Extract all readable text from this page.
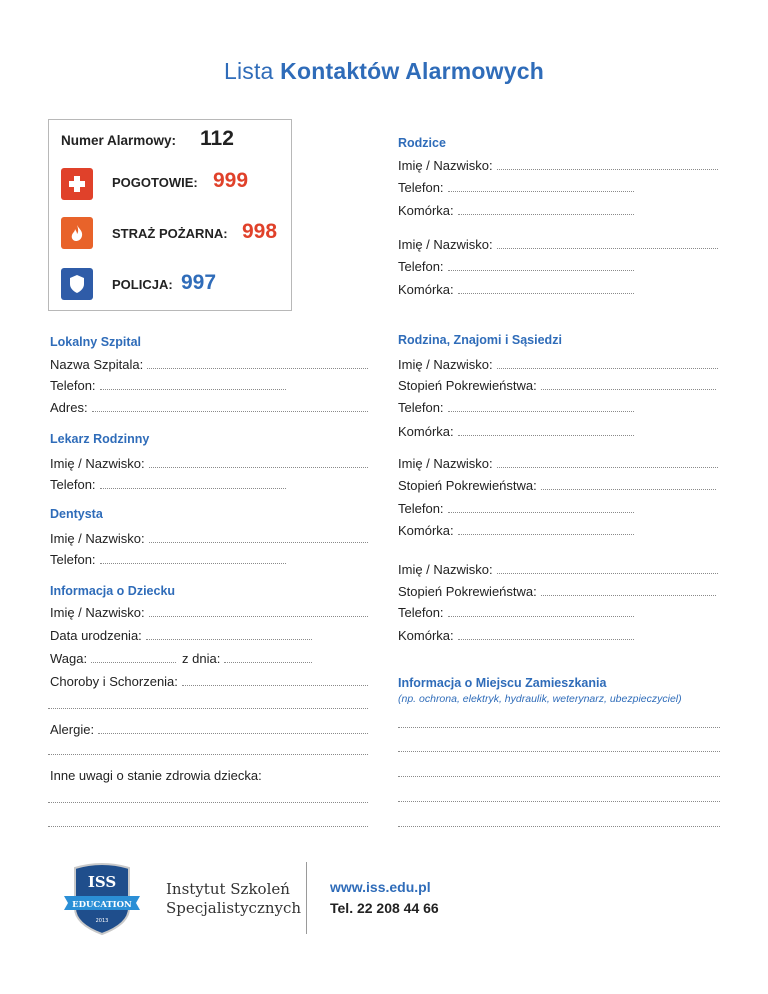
Lista Kontaktów Alarmowych
Numer Alarmowy: 112
POGOTOWIE: 999
STRAŻ POŻARNA: 998
POLICJA: 997
Lokalny Szpital
Nazwa Szpitala:
Telefon:
Adres:
Lekarz Rodzinny
Imię / Nazwisko:
Telefon:
Dentysta
Imię / Nazwisko:
Telefon:
Informacja o Dziecku
Imię / Nazwisko:
Data urodzenia:
Waga:	z dnia:
Choroby i Schorzenia:
Alergie:
Inne uwagi o stanie zdrowia dziecka:
Rodzice
Imię / Nazwisko:
Telefon:
Komórka:
Imię / Nazwisko:
Telefon:
Komórka:
Rodzina, Znajomi i Sąsiedzi
Imię / Nazwisko:
Stopień Pokrewieństwa:
Telefon:
Komórka:
Imię / Nazwisko:
Stopień Pokrewieństwa:
Telefon:
Komórka:
Imię / Nazwisko:
Stopień Pokrewieństwa:
Telefon:
Komórka:
Informacja o Miejscu Zamieszkania
(np. ochrona, elektryk, hydraulik, weterynarz, ubezpieczyciel)
ISS
EDUCATION
2013
Instytut Szkoleń
Specjalistycznych
www.iss.edu.pl
Tel. 22 208 44 66
